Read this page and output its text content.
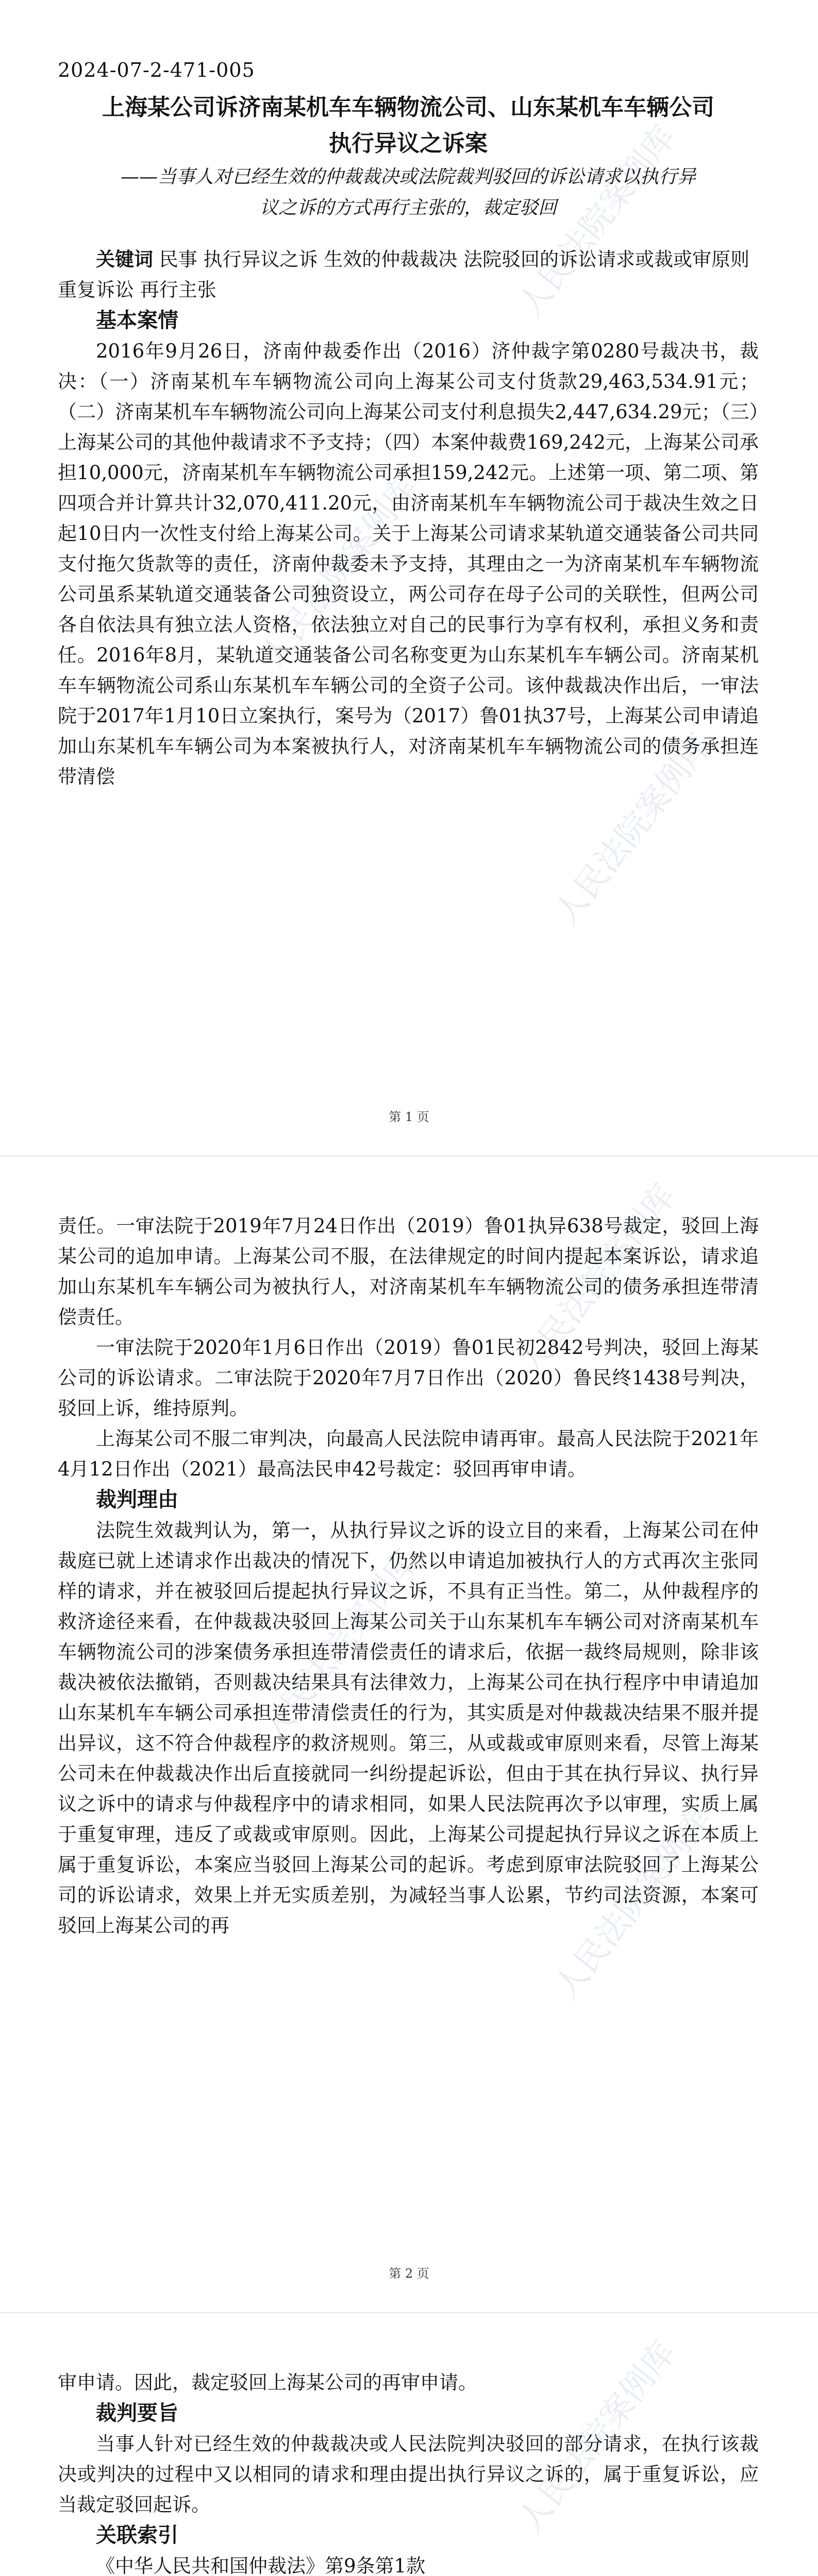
人民法院案例库
人民法院案例库
人民法院案例库

2024-07-2-471-005

上海某公司诉济南某机车车辆物流公司、山东某机车车辆公司

执行异议之诉案

——当事人对已经生效的仲裁裁决或法院裁判驳回的诉讼请求以执行异

议之诉的方式再行主张的，裁定驳回

关键词 民事 执行异议之诉 生效的仲裁裁决 法院驳回的诉讼请求或裁或审原则 重复诉讼 再行主张

基本案情

2016年9月26日，济南仲裁委作出（2016）济仲裁字第0280号裁决书，裁决：（一）济南某机车车辆物流公司向上海某公司支付货款29,463,534.91元；（二）济南某机车车辆物流公司向上海某公司支付利息损失2,447,634.29元；（三）上海某公司的其他仲裁请求不予支持；（四）本案仲裁费169,242元，上海某公司承担10,000元，济南某机车车辆物流公司承担159,242元。上述第一项、第二项、第四项合并计算共计32,070,411.20元，由济南某机车车辆物流公司于裁决生效之日起10日内一次性支付给上海某公司。关于上海某公司请求某轨道交通装备公司共同支付拖欠货款等的责任，济南仲裁委未予支持，其理由之一为济南某机车车辆物流公司虽系某轨道交通装备公司独资设立，两公司存在母子公司的关联性，但两公司各自依法具有独立法人资格，依法独立对自己的民事行为享有权利，承担义务和责任。2016年8月，某轨道交通装备公司名称变更为山东某机车车辆公司。济南某机车车辆物流公司系山东某机车车辆公司的全资子公司。该仲裁裁决作出后，一审法院于2017年1月10日立案执行，案号为（2017）鲁01执37号，上海某公司申请追加山东某机车车辆公司为本案被执行人，对济南某机车车辆物流公司的债务承担连带清偿

第 1 页
人民法院案例库
人民法院案例库
人民法院案例库

责任。一审法院于2019年7月24日作出（2019）鲁01执异638号裁定，驳回上海某公司的追加申请。上海某公司不服，在法律规定的时间内提起本案诉讼，请求追加山东某机车车辆公司为被执行人，对济南某机车车辆物流公司的债务承担连带清偿责任。

一审法院于2020年1月6日作出（2019）鲁01民初2842号判决，驳回上海某公司的诉讼请求。二审法院于2020年7月7日作出（2020）鲁民终1438号判决，驳回上诉，维持原判。

上海某公司不服二审判决，向最高人民法院申请再审。最高人民法院于2021年4月12日作出（2021）最高法民申42号裁定：驳回再审申请。

裁判理由

法院生效裁判认为，第一，从执行异议之诉的设立目的来看，上海某公司在仲裁庭已就上述请求作出裁决的情况下，仍然以申请追加被执行人的方式再次主张同样的请求，并在被驳回后提起执行异议之诉，不具有正当性。第二，从仲裁程序的救济途径来看，在仲裁裁决驳回上海某公司关于山东某机车车辆公司对济南某机车车辆物流公司的涉案债务承担连带清偿责任的请求后，依据一裁终局规则，除非该裁决被依法撤销，否则裁决结果具有法律效力，上海某公司在执行程序中申请追加山东某机车车辆公司承担连带清偿责任的行为，其实质是对仲裁裁决结果不服并提出异议，这不符合仲裁程序的救济规则。第三，从或裁或审原则来看，尽管上海某公司未在仲裁裁决作出后直接就同一纠纷提起诉讼，但由于其在执行异议、执行异议之诉中的请求与仲裁程序中的请求相同，如果人民法院再次予以审理，实质上属于重复审理，违反了或裁或审原则。因此，上海某公司提起执行异议之诉在本质上属于重复诉讼，本案应当驳回上海某公司的起诉。考虑到原审法院驳回了上海某公司的诉讼请求，效果上并无实质差别，为减轻当事人讼累，节约司法资源，本案可驳回上海某公司的再

第 2 页
人民法院案例库

审申请。因此，裁定驳回上海某公司的再审申请。

裁判要旨

当事人针对已经生效的仲裁裁决或人民法院判决驳回的部分请求，在执行该裁决或判决的过程中又以相同的请求和理由提出执行异议之诉的，属于重复诉讼，应当裁定驳回起诉。

关联索引

《中华人民共和国仲裁法》第9条第1款
